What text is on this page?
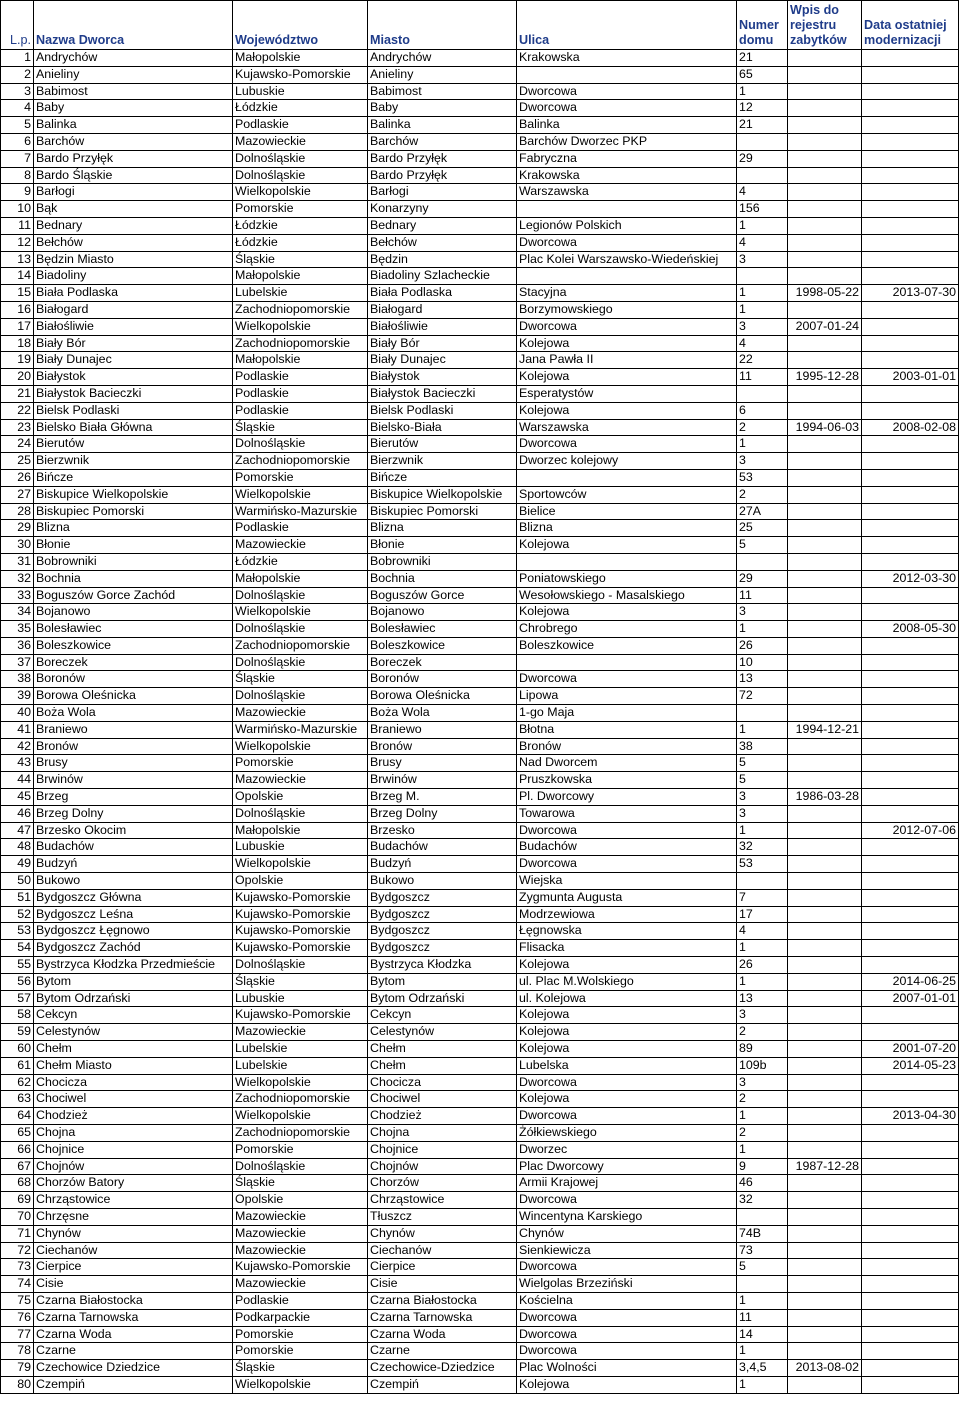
L.p.	Nazwa Dworca	Województwo	Miasto	Ulica	Numer domu	Wpis do rejestru zabytków	Data ostatniej modernizacji
1	Andrychów	Małopolskie	Andrychów	Krakowska	21		
2	Anieliny	Kujawsko-Pomorskie	Anieliny		65		
3	Babimost	Lubuskie	Babimost	Dworcowa	1		
4	Baby	Łódzkie	Baby	Dworcowa	12		
5	Balinka	Podlaskie	Balinka	Balinka	21		
6	Barchów	Mazowieckie	Barchów	Barchów Dworzec PKP			
7	Bardo Przyłęk	Dolnośląskie	Bardo Przyłęk	Fabryczna	29		
8	Bardo Śląskie	Dolnośląskie	Bardo Przyłęk	Krakowska			
9	Barłogi	Wielkopolskie	Barłogi	Warszawska	4		
10	Bąk	Pomorskie	Konarzyny		156		
11	Bednary	Łódzkie	Bednary	Legionów Polskich	1		
12	Bełchów	Łódzkie	Bełchów	Dworcowa	4		
13	Będzin Miasto	Śląskie	Będzin	Plac Kolei Warszawsko-Wiedeńskiej	3		
14	Biadoliny	Małopolskie	Biadoliny Szlacheckie				
15	Biała Podlaska	Lubelskie	Biała Podlaska	Stacyjna	1	1998-05-22	2013-07-30
16	Białogard	Zachodniopomorskie	Białogard	Borzymowskiego	1		
17	Białośliwie	Wielkopolskie	Białośliwie	Dworcowa	3	2007-01-24	
18	Biały Bór	Zachodniopomorskie	Biały Bór	Kolejowa	4		
19	Biały Dunajec	Małopolskie	Biały Dunajec	Jana Pawła II	22		
20	Białystok	Podlaskie	Białystok	Kolejowa	11	1995-12-28	2003-01-01
21	Białystok Bacieczki	Podlaskie	Białystok Bacieczki	Esperatystów			
22	Bielsk Podlaski	Podlaskie	Bielsk Podlaski	Kolejowa	6		
23	Bielsko Biała Główna	Śląskie	Bielsko-Biała	Warszawska	2	1994-06-03	2008-02-08
24	Bierutów	Dolnośląskie	Bierutów	Dworcowa	1		
25	Bierzwnik	Zachodniopomorskie	Bierzwnik	Dworzec kolejowy	3		
26	Bińcze	Pomorskie	Bińcze		53		
27	Biskupice Wielkopolskie	Wielkopolskie	Biskupice Wielkopolskie	Sportowców	2		
28	Biskupiec Pomorski	Warmińsko-Mazurskie	Biskupiec Pomorski	Bielice	27A		
29	Blizna	Podlaskie	Blizna	Blizna	25		
30	Błonie	Mazowieckie	Błonie	Kolejowa	5		
31	Bobrowniki	Łódzkie	Bobrowniki				
32	Bochnia	Małopolskie	Bochnia	Poniatowskiego	29		2012-03-30
33	Boguszów Gorce Zachód	Dolnośląskie	Boguszów Gorce	Wesołowskiego - Masalskiego	11		
34	Bojanowo	Wielkopolskie	Bojanowo	Kolejowa	3		
35	Bolesławiec	Dolnośląskie	Bolesławiec	Chrobrego	1		2008-05-30
36	Boleszkowice	Zachodniopomorskie	Boleszkowice	Boleszkowice	26		
37	Boreczek	Dolnośląskie	Boreczek		10		
38	Boronów	Śląskie	Boronów	Dworcowa	13		
39	Borowa Oleśnicka	Dolnośląskie	Borowa Oleśnicka	Lipowa	72		
40	Boża Wola	Mazowieckie	Boża Wola	1-go Maja			
41	Braniewo	Warmińsko-Mazurskie	Braniewo	Błotna	1	1994-12-21	
42	Bronów	Wielkopolskie	Bronów	Bronów	38		
43	Brusy	Pomorskie	Brusy	Nad Dworcem	5		
44	Brwinów	Mazowieckie	Brwinów	Pruszkowska	5		
45	Brzeg	Opolskie	Brzeg M.	Pl. Dworcowy	3	1986-03-28	
46	Brzeg Dolny	Dolnośląskie	Brzeg Dolny	Towarowa	3		
47	Brzesko Okocim	Małopolskie	Brzesko	Dworcowa	1		2012-07-06
48	Budachów	Lubuskie	Budachów	Budachów	32		
49	Budzyń	Wielkopolskie	Budzyń	Dworcowa	53		
50	Bukowo	Opolskie	Bukowo	Wiejska			
51	Bydgoszcz Główna	Kujawsko-Pomorskie	Bydgoszcz	Zygmunta Augusta	7		
52	Bydgoszcz Leśna	Kujawsko-Pomorskie	Bydgoszcz	Modrzewiowa	17		
53	Bydgoszcz Łęgnowo	Kujawsko-Pomorskie	Bydgoszcz	Łęgnowska	4		
54	Bydgoszcz Zachód	Kujawsko-Pomorskie	Bydgoszcz	Flisacka	1		
55	Bystrzyca Kłodzka Przedmieście	Dolnośląskie	Bystrzyca Kłodzka	Kolejowa	26		
56	Bytom	Śląskie	Bytom	ul. Plac M.Wolskiego	1		2014-06-25
57	Bytom Odrzański	Lubuskie	Bytom Odrzański	ul. Kolejowa	13		2007-01-01
58	Cekcyn	Kujawsko-Pomorskie	Cekcyn	Kolejowa	3		
59	Celestynów	Mazowieckie	Celestynów	Kolejowa	2		
60	Chełm	Lubelskie	Chełm	Kolejowa	89		2001-07-20
61	Chełm Miasto	Lubelskie	Chełm	Lubelska	109b		2014-05-23
62	Chocicza	Wielkopolskie	Chocicza	Dworcowa	3		
63	Chociwel	Zachodniopomorskie	Chociwel	Kolejowa	2		
64	Chodzież	Wielkopolskie	Chodzież	Dworcowa	1		2013-04-30
65	Chojna	Zachodniopomorskie	Chojna	Żółkiewskiego	2		
66	Chojnice	Pomorskie	Chojnice	Dworzec	1		
67	Chojnów	Dolnośląskie	Chojnów	Plac Dworcowy	9	1987-12-28	
68	Chorzów Batory	Śląskie	Chorzów	Armii Krajowej	46		
69	Chrząstowice	Opolskie	Chrząstowice	Dworcowa	32		
70	Chrzęsne	Mazowieckie	Tłuszcz	Wincentyna Karskiego			
71	Chynów	Mazowieckie	Chynów	Chynów	74B		
72	Ciechanów	Mazowieckie	Ciechanów	Sienkiewicza	73		
73	Cierpice	Kujawsko-Pomorskie	Cierpice	Dworcowa	5		
74	Cisie	Mazowieckie	Cisie	Wielgolas Brzeziński			
75	Czarna Białostocka	Podlaskie	Czarna Białostocka	Kościelna	1		
76	Czarna Tarnowska	Podkarpackie	Czarna Tarnowska	Dworcowa	11		
77	Czarna Woda	Pomorskie	Czarna Woda	Dworcowa	14		
78	Czarne	Pomorskie	Czarne	Dworcowa	1		
79	Czechowice Dziedzice	Śląskie	Czechowice-Dziedzice	Plac Wolności	3,4,5	2013-08-02	
80	Czempiń	Wielkopolskie	Czempiń	Kolejowa	1		
